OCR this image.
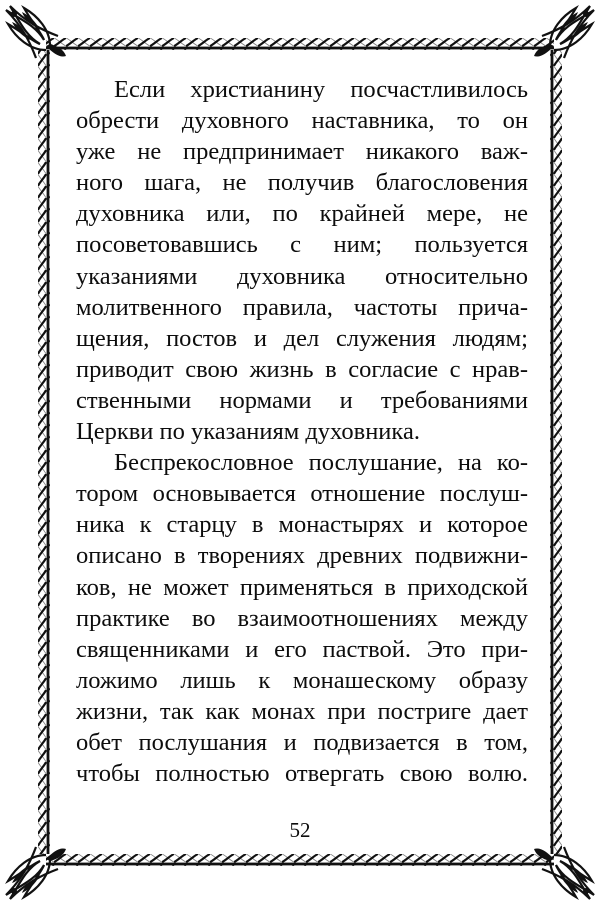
Если христианину посчастливилось
обрести духовного наставника, то он
уже не предпринимает никакого важ-
ного шага, не получив благословения
духовника или, по крайней мере, не
посоветовавшись с ним; пользуется
указаниями духовника относительно
молитвенного правила, частоты прича-
щения, постов и дел служения людям;
приводит свою жизнь в согласие с нрав-
ственными нормами и требованиями
Церкви по указаниям духовника.

Беспрекословное послушание, на ко-
тором основывается отношение послуш-
ника к старцу в монастырях и которое
описано в творениях древних подвижни-
ков, не может применяться в приходской
практике во взаимоотношениях между
священниками и его паствой. Это при-
ложимо лишь к монашескому образу
жизни, так как монах при постриге дает
обет послушания и подвизается в том,
чтобы полностью отвергать свою волю.

52
